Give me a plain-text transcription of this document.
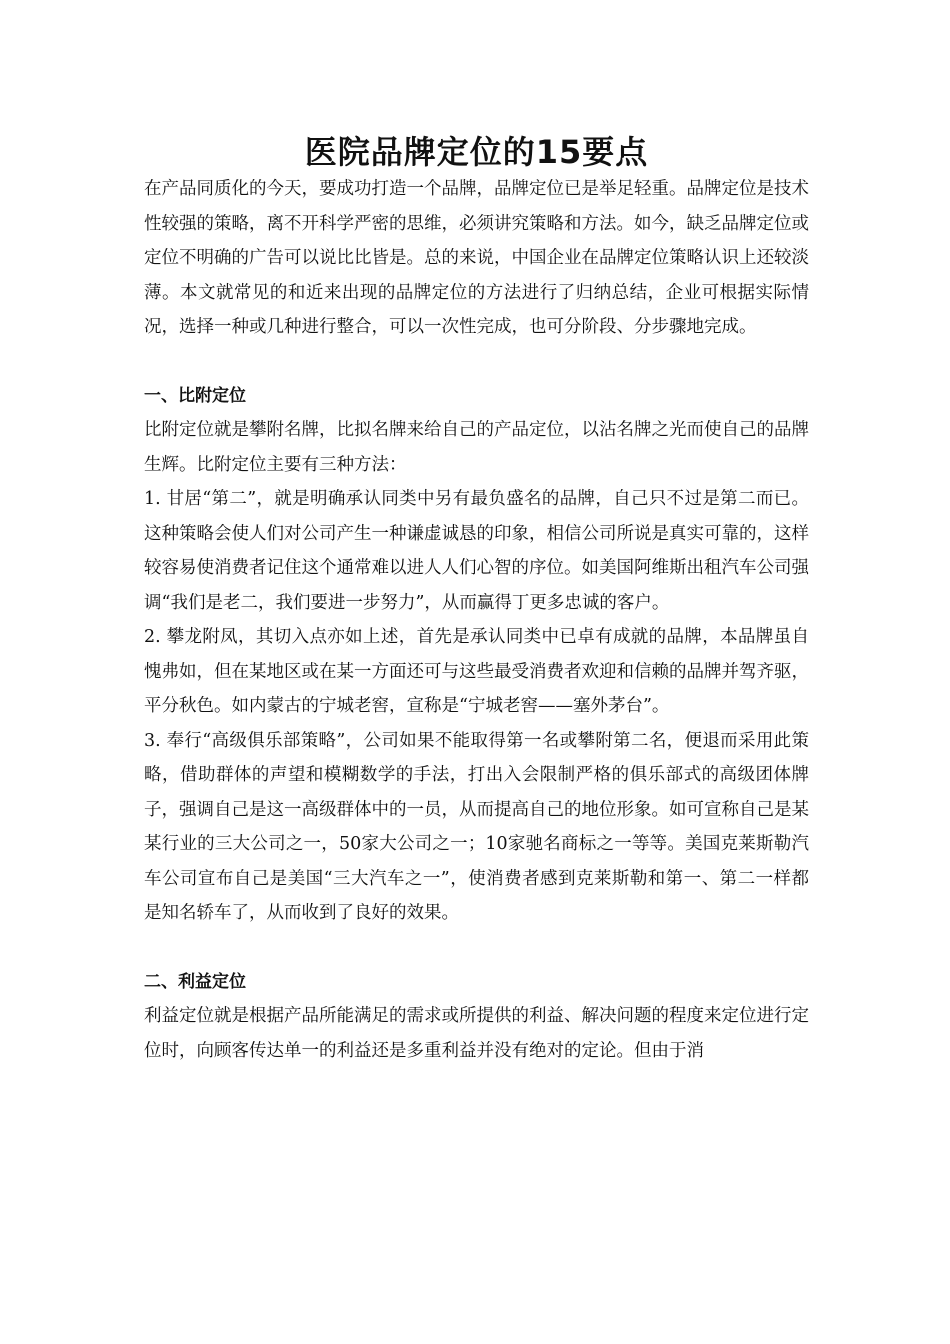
医院品牌定位的15要点

在产品同质化的今天，要成功打造一个品牌，品牌定位已是举足轻重。品牌定位是技术性较强的策略，离不开科学严密的思维，必须讲究策略和方法。如今，缺乏品牌定位或定位不明确的广告可以说比比皆是。总的来说，中国企业在品牌定位策略认识上还较淡薄。本文就常见的和近来出现的品牌定位的方法进行了归纳总结，企业可根据实际情况，选择一种或几种进行整合，可以一次性完成，也可分阶段、分步骤地完成。

一、比附定位

比附定位就是攀附名牌，比拟名牌来给自己的产品定位，以沾名牌之光而使自己的品牌生辉。比附定位主要有三种方法：

1. 甘居“第二”，就是明确承认同类中另有最负盛名的品牌，自己只不过是第二而已。这种策略会使人们对公司产生一种谦虚诚恳的印象，相信公司所说是真实可靠的，这样较容易使消费者记住这个通常难以进人人们心智的序位。如美国阿维斯出租汽车公司强调“我们是老二，我们要进一步努力”，从而赢得丁更多忠诚的客户。

2. 攀龙附凤，其切入点亦如上述，首先是承认同类中已卓有成就的品牌，本品牌虽自愧弗如，但在某地区或在某一方面还可与这些最受消费者欢迎和信赖的品牌并驾齐驱，平分秋色。如内蒙古的宁城老窖，宣称是“宁城老窖——塞外茅台”。

3. 奉行“高级俱乐部策略”，公司如果不能取得第一名或攀附第二名，便退而采用此策略，借助群体的声望和模糊数学的手法，打出入会限制严格的俱乐部式的高级团体牌子，强调自己是这一高级群体中的一员，从而提高自己的地位形象。如可宣称自己是某某行业的三大公司之一，50家大公司之一；10家驰名商标之一等等。美国克莱斯勒汽车公司宣布自己是美国“三大汽车之一”，使消费者感到克莱斯勒和第一、第二一样都是知名轿车了，从而收到了良好的效果。

二、利益定位

利益定位就是根据产品所能满足的需求或所提供的利益、解决问题的程度来定位进行定位时，向顾客传达单一的利益还是多重利益并没有绝对的定论。但由于消
